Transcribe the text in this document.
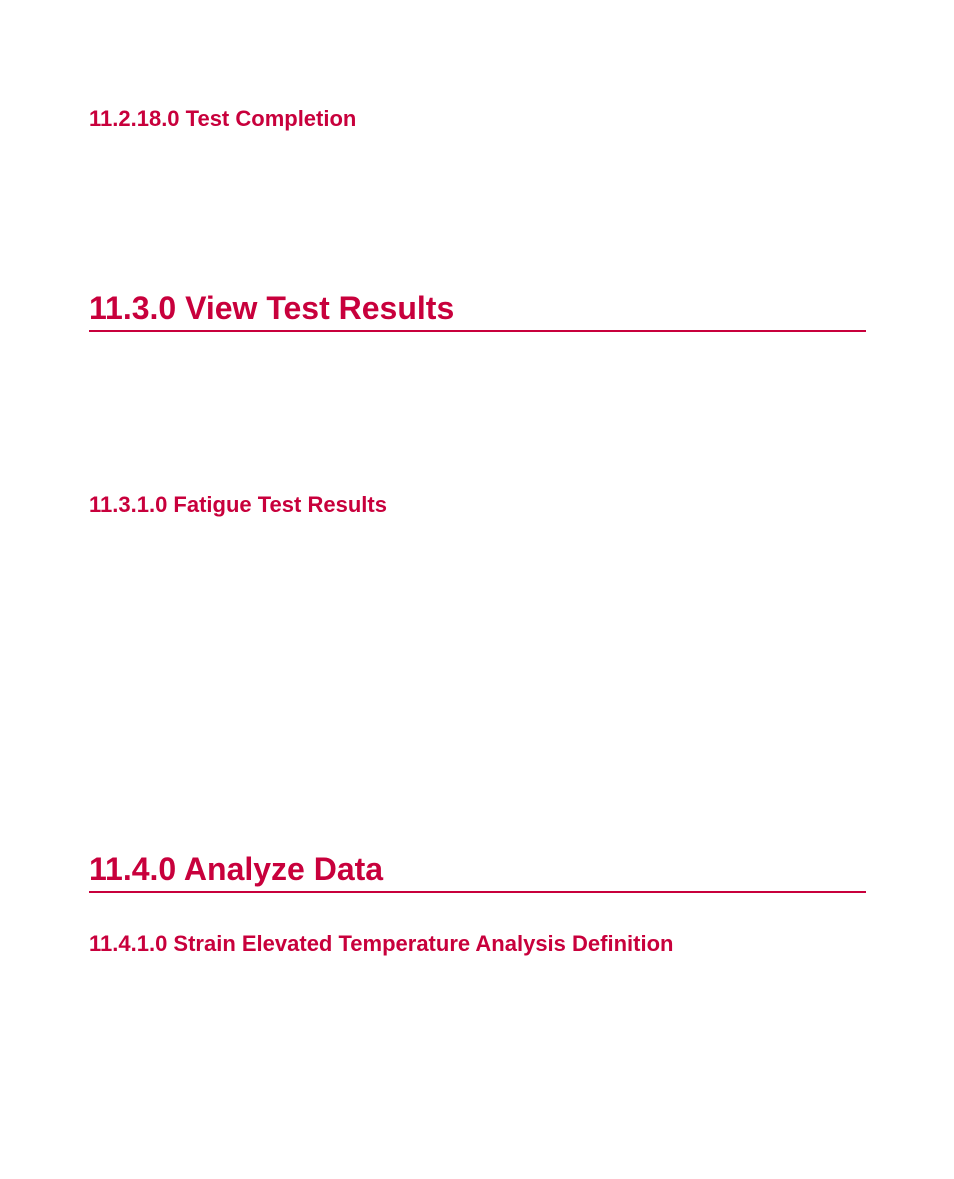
11.2.18.0 Test Completion
11.3.0 View Test Results
11.3.1.0 Fatigue Test Results
11.4.0 Analyze Data
11.4.1.0 Strain Elevated Temperature Analysis Definition
